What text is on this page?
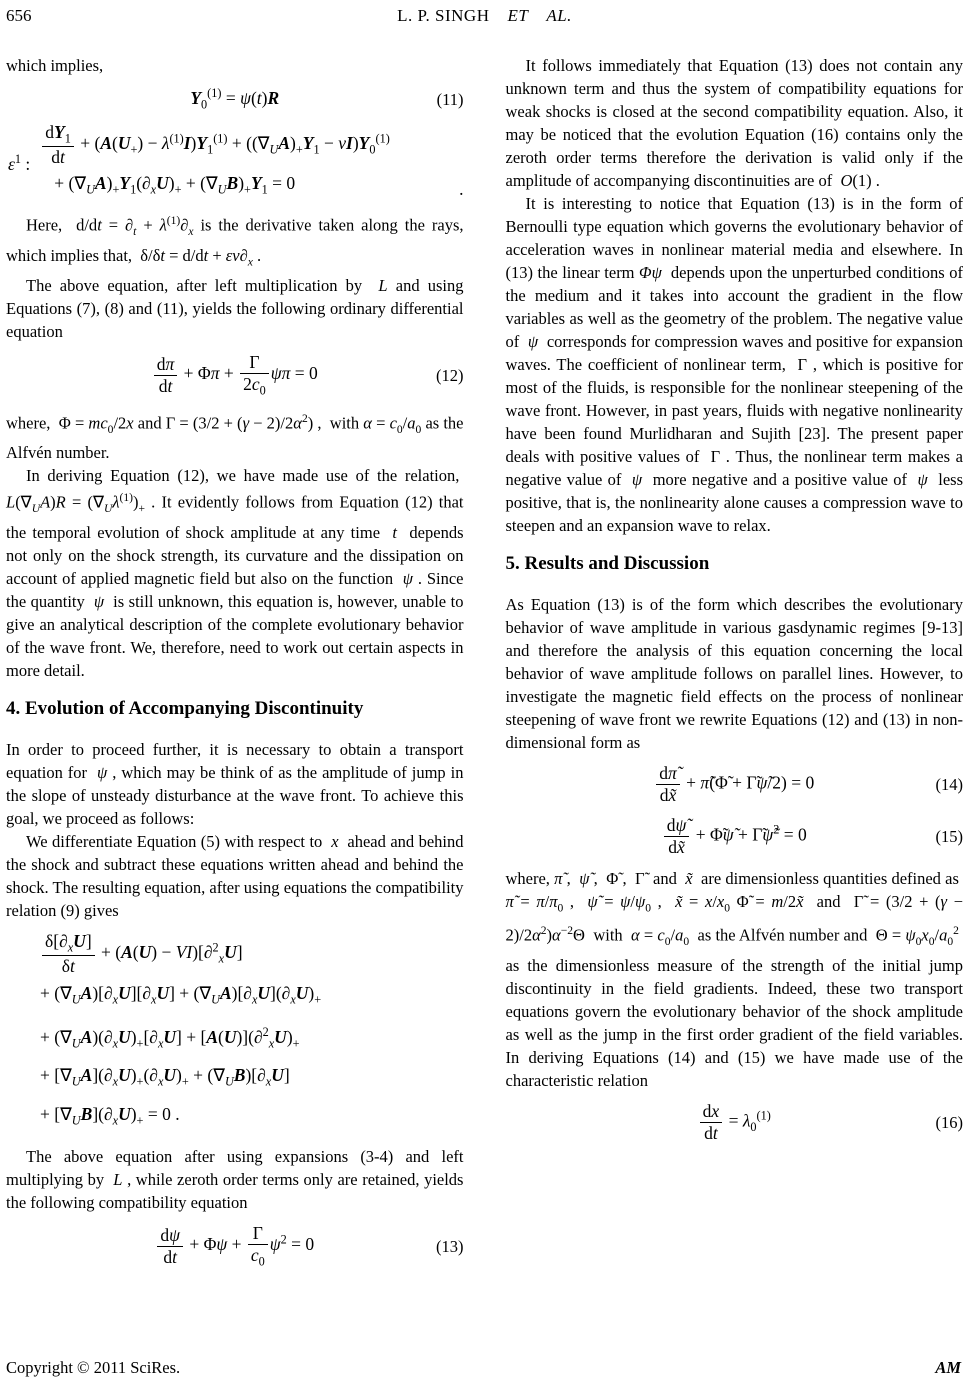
656	L. P. SINGH  ET  AL.

which implies,

$Y_0^{(1)} = \psi(t)R$	(11)
$\varepsilon^1$ : $\frac{dY_1}{dt} + (A(U_+) - \lambda^{(1)}I)Y_1^{(1)} + ((\nabla_UA)_+Y_1 - vI)Y_0^{(1)}$
+ $(\nabla_UA)_+Y_1(\partial_xU)_+ + (\nabla_UB)_+Y_1 = 0$	.

Here,  $d/dt = \partial_t + \lambda^{(1)}\partial_x$ is the derivative taken along the rays, which implies that,  $\delta/\delta t = d/dt + \varepsilon v\partial_x$ .

The above equation, after left multiplication by  L and using Equations (7), (8) and (11), yields the following ordinary differential equation

$\frac{d\pi}{dt} + \Phi\pi + \frac{\Gamma}{2c_0}$ ψπ = 0	(12)

where,  $\Phi = mc_0/2x$ and $\Gamma = (3/2 + (\gamma - 2)/2\alpha^2)$ ,  with $\alpha = c_0/a_0$ as the Alfvén number.

In deriving Equation (12), we have made use of the relation,  $L(\nabla_UA)R = (\nabla_U\lambda^{(1)})_+$ . It evidently follows from Equation (12) that the temporal evolution of shock amplitude at any time  t  depends not only on the shock strength, its curvature and the dissipation on account of applied magnetic field but also on the function  ψ . Since the quantity  ψ  is still unknown, this equation is, however, unable to give an analytical description of the complete evolutionary behavior of the wave front. We, therefore, need to work out certain aspects in more detail.

4. Evolution of Accompanying Discontinuity

In order to proceed further, it is necessary to obtain a transport equation for  ψ , which may be think of as the amplitude of jump in the slope of unsteady disturbance at the wave front. To achieve this goal, we proceed as follows:

We differentiate Equation (5) with respect to  x  ahead and behind the shock and subtract these equations written ahead and behind the shock. The resulting equation, after using equations the compatibility relation (9) gives

$\frac{\delta[\partial_xU]}{\delta t} + (A(U) - VI)[\partial^2_xU]$
+ $(\nabla_UA)[\partial_xU][\partial_xU] + (\nabla_UA)[\partial_xU](\partial_xU)_+$
+ $(\nabla_UA)(\partial_xU)_+[\partial_xU] + [A(U)](\partial^2_xU)_+$
+ $[\nabla_UA](\partial_xU)_+(\partial_xU)_+ + (\nabla_UB)[\partial_xU]$
+ $[\nabla_UB](\partial_xU)_+ = 0$ .

The above equation after using expansions (3-4) and left multiplying by  L , while zeroth order terms only are retained, yields the following compatibility equation

$\frac{d\psi}{dt} + \Phi\psi + \frac{\Gamma}{c_0} \psi^2 = 0$	(13)

It follows immediately that Equation (13) does not contain any unknown term and thus the system of compatibility equations for weak shocks is closed at the second compatibility equation. Also, it may be noticed that the evolution Equation (16) contains only the zeroth order terms therefore the derivation is valid only if the amplitude of accompanying discontinuities are of  O(1) .

It is interesting to notice that Equation (13) is in the form of Bernoulli type equation which governs the evolutionary behavior of acceleration waves in nonlinear material media and elsewhere. In (13) the linear term Φψ  depends upon the unperturbed conditions of the medium and it takes into account the gradient in the flow variables as well as the geometry of the problem. The negative value of  ψ  corresponds for compression waves and positive for expansion waves. The coefficient of nonlinear term,  Γ , which is positive for most of the fluids, is responsible for the nonlinear steepening of the wave front. However, in past years, fluids with negative nonlinearity have been found Murlidharan and Sujith [23]. The present paper deals with positive values of  Γ . Thus, the nonlinear term makes a negative value of  ψ  more negative and a positive value of  ψ  less positive, that is, the nonlinearity alone causes a compression wave to steepen and an expansion wave to relax.

5. Results and Discussion

As Equation (13) is of the form which describes the evolutionary behavior of wave amplitude in various gasdynamic regimes [9-13] and therefore the analysis of this equation concerning the local behavior of wave amplitude follows on parallel lines. However, to investigate the magnetic field effects on the process of nonlinear steepening of wave front we rewrite Equations (12) and (13) in non-dimensional form as

$\frac{d\pĩ}{dx̃}$ + π̃(Φ̃ + Γ̃ψ̃/2) = 0	(14)
$\frac{d\psĩ}{dx̃}$ + Φ̃ψ̃ + Γ̃ψ̃$^2$ = 0	(15)

where, π̃ ,  ψ̃ ,  Φ̃ ,  Γ̃  and  x̃  are dimensionless quantities defined as  π̃ = $\pi/\pi_0$ ,  ψ̃ = $\psi/\psi_0$ ,  x̃ = $x/x_0$ Φ̃ = m/2x̃  and  Γ̃ = $(3/2 + (\gamma - 2)/2\alpha^2)\alpha^{-2}\Theta$  with  $\alpha = c_0/a_0$  as the Alfvén number and  $\Theta = \psi_0x_0/a_0^2$  as the dimensionless measure of the strength of the initial jump discontinuity in the field gradients. Indeed, these two transport equations govern the evolutionary behavior of the shock amplitude as well as the jump in the first order gradient of the field variables. In deriving Equations (14) and (15) we have made use of the characteristic relation

$\frac{dx}{dt} = \lambda_0^{(1)}$	(16)
Copyright © 2011 SciRes.	AM
